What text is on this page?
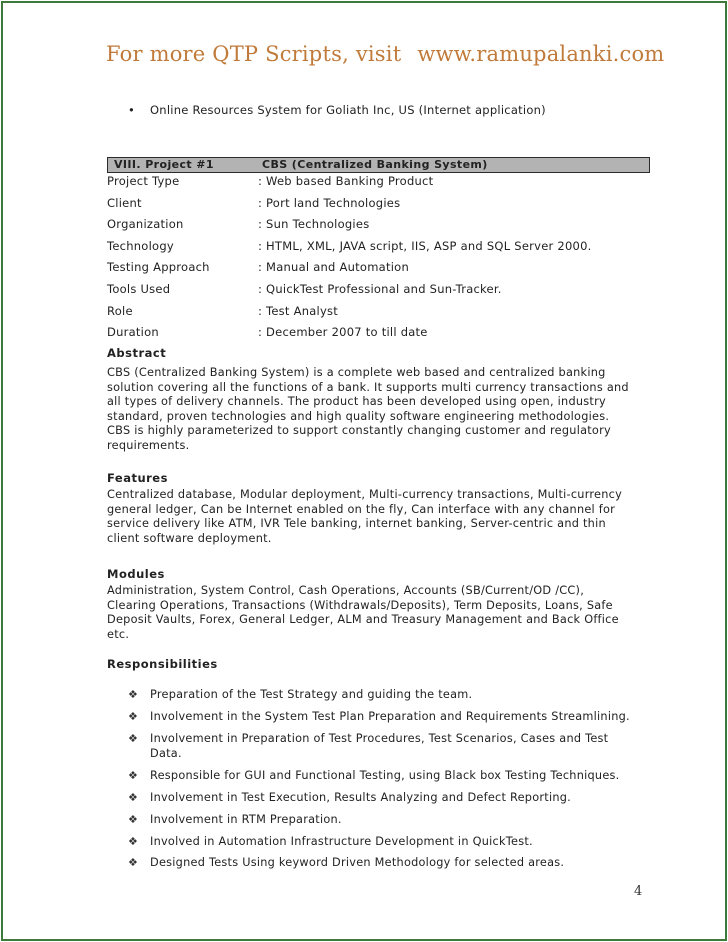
For more QTP Scripts, visit www.ramupalanki.com
• Online Resources System for Goliath Inc, US (Internet application)
VIII. Project #1	CBS (Centralized Banking System)
Project Type	: Web based Banking Product
Client	: Port land Technologies
Organization	: Sun Technologies
Technology	: HTML, XML, JAVA script, IIS, ASP and SQL Server 2000.
Testing Approach	: Manual and Automation
Tools Used	: QuickTest Professional and Sun-Tracker.
Role	: Test Analyst
Duration	: December 2007 to till date
Abstract
CBS (Centralized Banking System) is a complete web based and centralized banking
solution covering all the functions of a bank. It supports multi currency transactions and
all types of delivery channels. The product has been developed using open, industry
standard, proven technologies and high quality software engineering methodologies.
CBS is highly parameterized to support constantly changing customer and regulatory
requirements.
Features
Centralized database, Modular deployment, Multi-currency transactions, Multi-currency
general ledger, Can be Internet enabled on the fly, Can interface with any channel for
service delivery like ATM, IVR Tele banking, internet banking, Server-centric and thin
client software deployment.
Modules
Administration, System Control, Cash Operations, Accounts (SB/Current/OD /CC),
Clearing Operations, Transactions (Withdrawals/Deposits), Term Deposits, Loans, Safe
Deposit Vaults, Forex, General Ledger, ALM and Treasury Management and Back Office
etc.
Responsibilities
❖	Preparation of the Test Strategy and guiding the team.
❖	Involvement in the System Test Plan Preparation and Requirements Streamlining.
❖	Involvement in Preparation of Test Procedures, Test Scenarios, Cases and Test
Data.
❖	Responsible for GUI and Functional Testing, using Black box Testing Techniques.
❖	Involvement in Test Execution, Results Analyzing and Defect Reporting.
❖	Involvement in RTM Preparation.
❖	Involved in Automation Infrastructure Development in QuickTest.
❖	Designed Tests Using keyword Driven Methodology for selected areas.
4
